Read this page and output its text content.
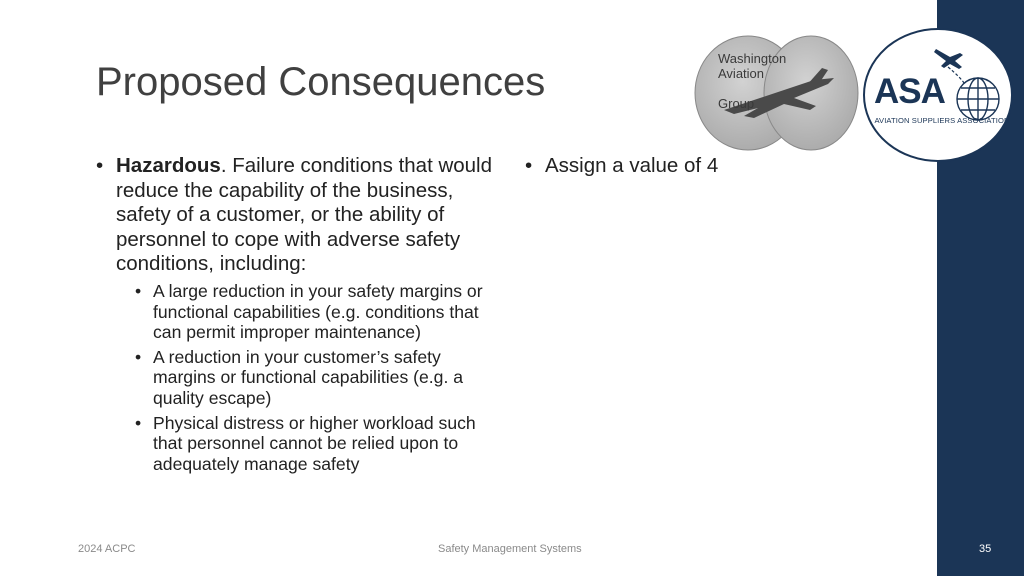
Proposed Consequences
Washington
Aviation
Group	ASA
AVIATION SUPPLIERS ASSOCIATION
• Hazardous. Failure conditions that would reduce the capability of the business, safety of a customer, or the ability of personnel to cope with adverse safety conditions, including:
• A large reduction in your safety margins or functional capabilities (e.g. conditions that can permit improper maintenance)
• A reduction in your customer’s safety margins or functional capabilities (e.g. a quality escape)
• Physical distress or higher workload such that personnel cannot be relied upon to adequately manage safety
• Assign a value of 4
2024 ACPC	Safety Management Systems	35
